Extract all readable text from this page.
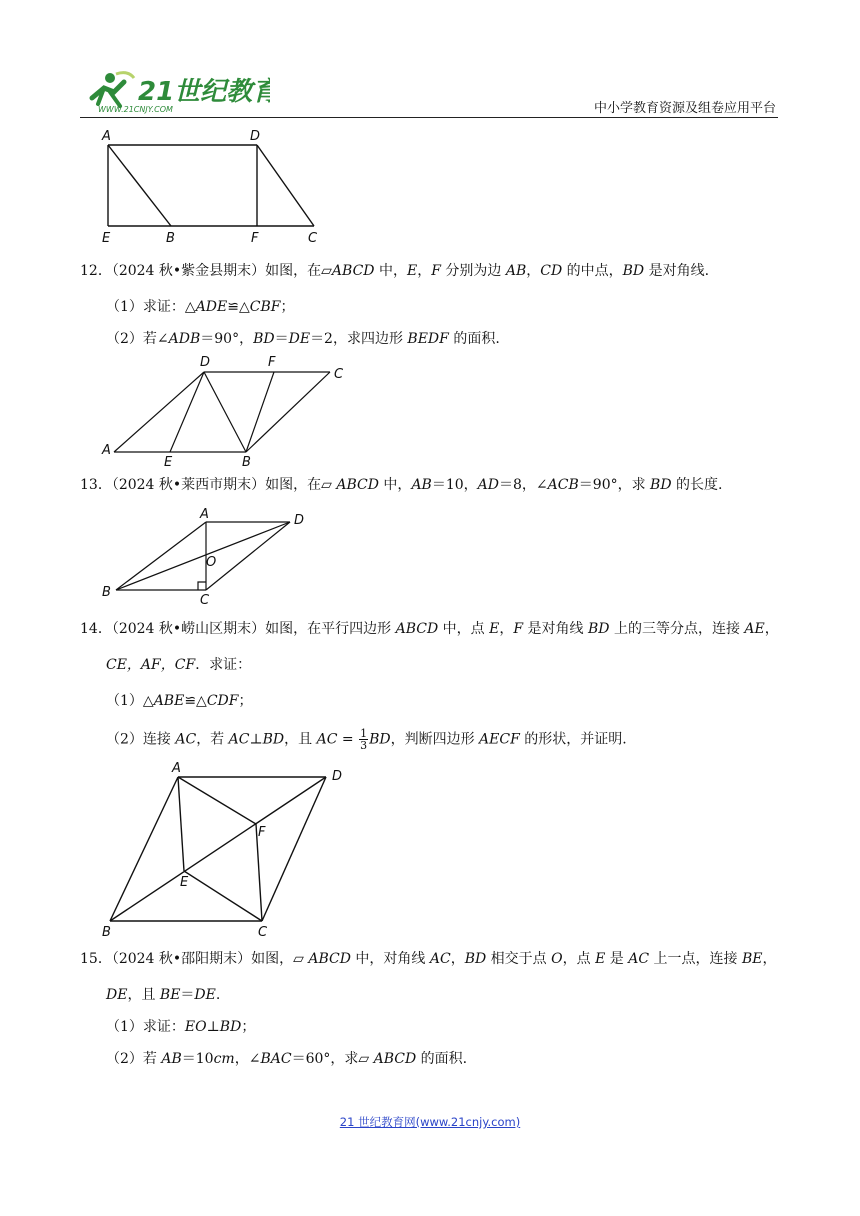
21世纪教育
WWW.21CNJY.COM	中小学教育资源及组卷应用平台
A	D
E	B	F	C
12．（2024 秋•紫金县期末）如图，在▱ABCD 中，E，F 分别为边 AB，CD 的中点，BD 是对角线.
（1）求证：△ADE≌△CBF；
（2）若∠ADB＝90°，BD＝DE＝2，求四边形 BEDF 的面积.
D	F
C
A
E	B
13．（2024 秋•莱西市期末）如图，在▱ ABCD 中，AB＝10，AD＝8，∠ACB＝90°，求 BD 的长度.
A	D
O
B
C
14．（2024 秋•崂山区期末）如图，在平行四边形 ABCD 中，点 E，F 是对角线 BD 上的三等分点，连接 AE，
CE，AF，CF．求证：
（1）△ABE≌△CDF；
（2）连接 AC，若 AC⊥BD，且 AC = $\frac{1}{3}$ BD，判断四边形 AECF 的形状，并证明.
A
D
F
E
B	C
15．（2024 秋•邵阳期末）如图，▱ ABCD 中，对角线 AC，BD 相交于点 O，点 E 是 AC 上一点，连接 BE，
DE，且 BE＝DE.
（1）求证：EO⊥BD；
（2）若 AB＝10cm，∠BAC＝60°，求▱ ABCD 的面积.
21 世纪教育网(www.21cnjy.com)
